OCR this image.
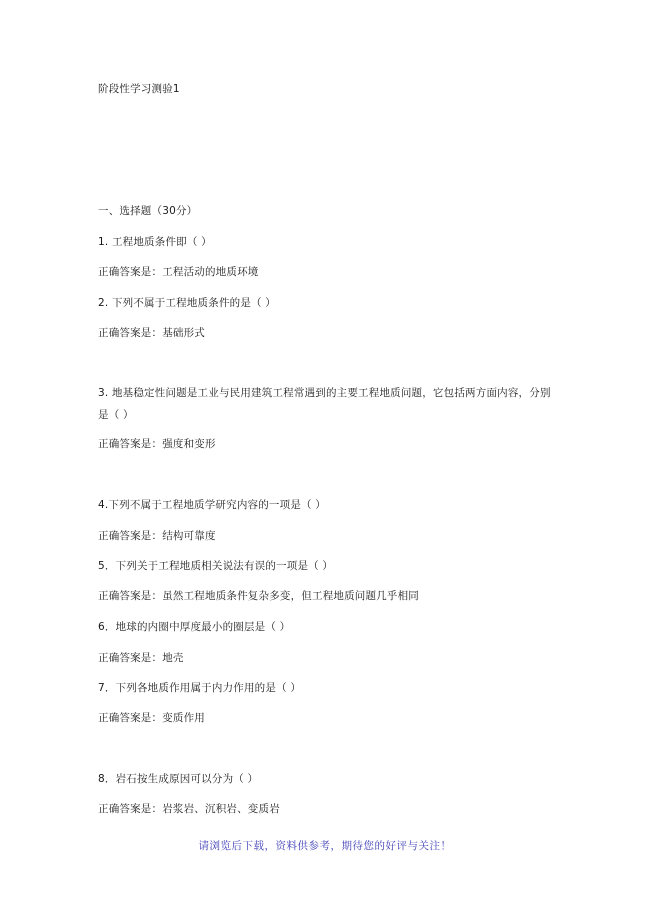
阶段性学习测验1

一、选择题（30分）

1. 工程地质条件即（ ）

正确答案是：工程活动的地质环境

2. 下列不属于工程地质条件的是（ ）

正确答案是：基础形式

3. 地基稳定性问题是工业与民用建筑工程常遇到的主要工程地质问题，它包括两方面内容，分别是（ ）

正确答案是：强度和变形

4.下列不属于工程地质学研究内容的一项是（ ）

正确答案是：结构可靠度

5．下列关于工程地质相关说法有误的一项是（ ）

正确答案是：虽然工程地质条件复杂多变，但工程地质问题几乎相同

6．地球的内圈中厚度最小的圈层是（ ）

正确答案是：地壳

7．下列各地质作用属于内力作用的是（ ）

正确答案是：变质作用

8．岩石按生成原因可以分为（ ）

正确答案是：岩浆岩、沉积岩、变质岩

请浏览后下载，资料供参考，期待您的好评与关注！
